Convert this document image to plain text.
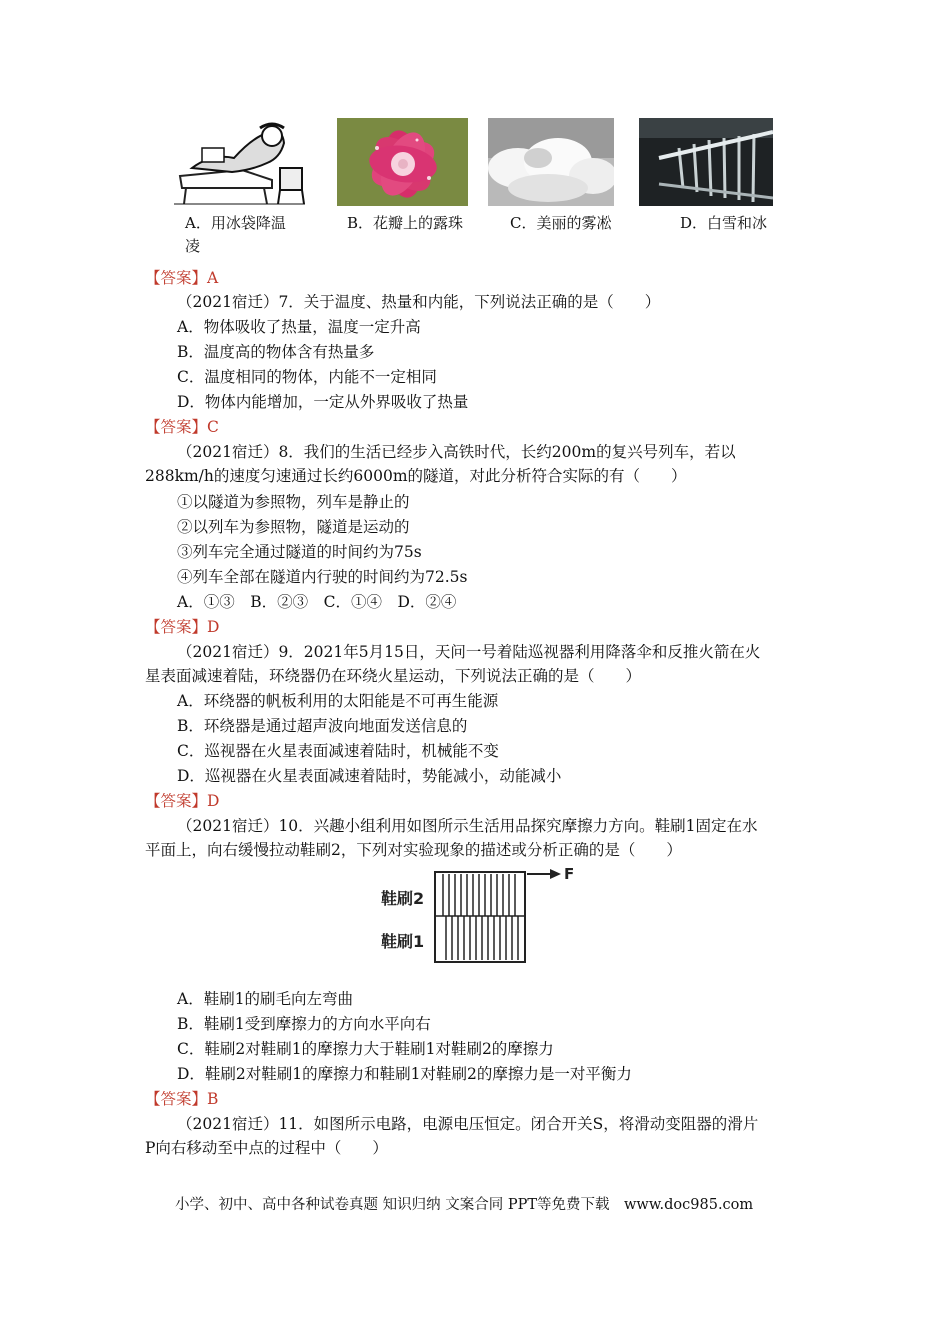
A．用冰袋降温
凌
B．花瓣上的露珠	C．美丽的雾凇	D．白雪和冰
【答案】A
（2021宿迁）7．关于温度、热量和内能，下列说法正确的是（　　）
A．物体吸收了热量，温度一定升高
B．温度高的物体含有热量多
C．温度相同的物体，内能不一定相同
D．物体内能增加，一定从外界吸收了热量
【答案】C
（2021宿迁）8．我们的生活已经步入高铁时代，长约200m的复兴号列车，若以
288km/h的速度匀速通过长约6000m的隧道，对此分析符合实际的有（　　）
①以隧道为参照物，列车是静止的
②以列车为参照物，隧道是运动的
③列车完全通过隧道的时间约为75s
④列车全部在隧道内行驶的时间约为72.5s
A．①③　B．②③　C．①④　D．②④
【答案】D
（2021宿迁）9．2021年5月15日，天问一号着陆巡视器利用降落伞和反推火箭在火
星表面减速着陆，环绕器仍在环绕火星运动，下列说法正确的是（　　）
A．环绕器的帆板利用的太阳能是不可再生能源
B．环绕器是通过超声波向地面发送信息的
C．巡视器在火星表面减速着陆时，机械能不变
D．巡视器在火星表面减速着陆时，势能减小，动能减小
【答案】D
（2021宿迁）10．兴趣小组利用如图所示生活用品探究摩擦力方向。鞋刷1固定在水
平面上，向右缓慢拉动鞋刷2，下列对实验现象的描述或分析正确的是（　　）
F
鞋刷2
鞋刷1
A．鞋刷1的刷毛向左弯曲
B．鞋刷1受到摩擦力的方向水平向右
C．鞋刷2对鞋刷1的摩擦力大于鞋刷1对鞋刷2的摩擦力
D．鞋刷2对鞋刷1的摩擦力和鞋刷1对鞋刷2的摩擦力是一对平衡力
【答案】B
（2021宿迁）11．如图所示电路，电源电压恒定。闭合开关S，将滑动变阻器的滑片
P向右移动至中点的过程中（　　）
小学、初中、高中各种试卷真题 知识归纳 文案合同 PPT等免费下载　www.doc985.com
